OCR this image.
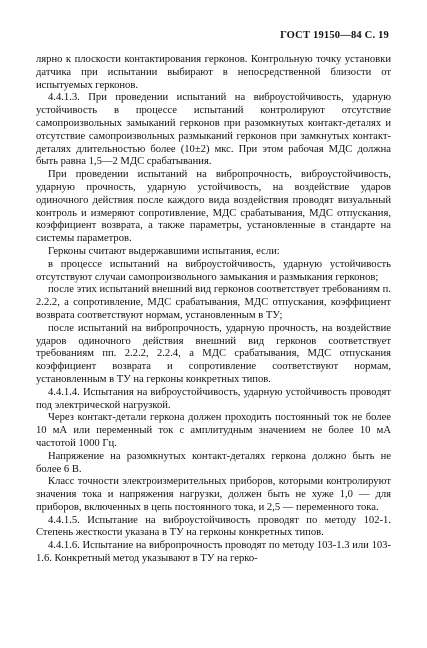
ГОСТ 19150—84 С. 19

лярно к плоскости контактирования герконов. Контрольную точку установки датчика при испытании выбирают в непосредственной близости от испытуемых герконов.

4.4.1.3. При проведении испытаний на виброустойчивость, ударную устойчивость в процессе испытаний контролируют отсутствие самопроизвольных замыканий герконов при разомкнутых контакт-деталях и отсутствие самопроизвольных размыканий герконов при замкнутых контакт-деталях длительностью более (10±2) мкс. При этом рабочая МДС должна быть равна 1,5—2 МДС срабатывания.

При проведении испытаний на вибропрочность, виброустойчивость, ударную прочность, ударную устойчивость, на воздействие ударов одиночного действия после каждого вида воздействия проводят визуальный контроль и измеряют сопротивление, МДС срабатывания, МДС отпускания, коэффициент возврата, а также параметры, установленные в стандарте на системы параметров.

Герконы считают выдержавшими испытания, если:

в процессе испытаний на виброустойчивость, ударную устойчивость отсутствуют случаи самопроизвольного замыкания и размыкания герконов;

после этих испытаний внешний вид герконов соответствует требованиям п. 2.2.2, а сопротивление, МДС срабатывания, МДС отпускания, коэффициент возврата соответствуют нормам, установленным в ТУ;

после испытаний на вибропрочность, ударную прочность, на воздействие ударов одиночного действия внешний вид герконов соответствует требованиям пп. 2.2.2, 2.2.4, а МДС срабатывания, МДС отпускания коэффициент возврата и сопротивление соответствуют нормам, установленным в ТУ на герконы конкретных типов.

4.4.1.4. Испытания на виброустойчивость, ударную устойчивость проводят под электрической нагрузкой.

Через контакт-детали геркона должен проходить постоянный ток не более 10 мА или переменный ток с амплитудным значением не более 10 мА частотой 1000 Гц.

Напряжение на разомкнутых контакт-деталях геркона должно быть не более 6 В.

Класс точности электроизмерительных приборов, которыми контролируют значения тока и напряжения нагрузки, должен быть не хуже 1,0 — для приборов, включенных в цепь постоянного тока, и 2,5 — переменного тока.

4.4.1.5. Испытание на виброустойчивость проводят по методу 102-1. Степень жесткости указана в ТУ на герконы конкретных типов.

4.4.1.6. Испытание на вибропрочность проводят по методу 103-1.3 или 103-1.6. Конкретный метод указывают в ТУ на герко-
